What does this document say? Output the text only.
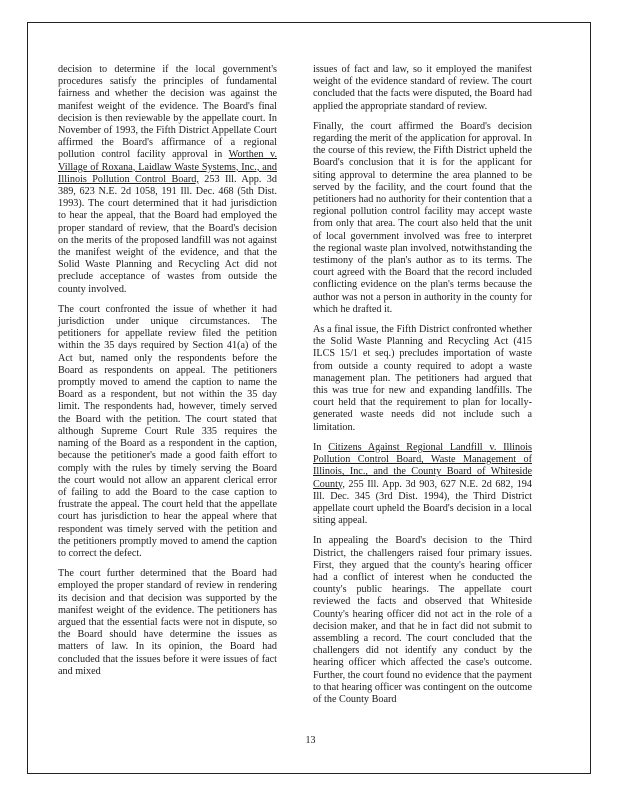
decision to determine if the local government's procedures satisfy the principles of fundamental fairness and whether the decision was against the manifest weight of the evidence. The Board's final decision is then reviewable by the appellate court. In November of 1993, the Fifth District Appellate Court affirmed the Board's affirmance of a regional pollution control facility approval in Worthen v. Village of Roxana, Laidlaw Waste Systems, Inc., and Illinois Pollution Control Board, 253 Ill. App. 3d 389, 623 N.E. 2d 1058, 191 Ill. Dec. 468 (5th Dist. 1993). The court determined that it had jurisdiction to hear the appeal, that the Board had employed the proper standard of review, that the Board's decision on the merits of the proposed landfill was not against the manifest weight of the evidence, and that the Solid Waste Planning and Recycling Act did not preclude acceptance of wastes from outside the county involved.

The court confronted the issue of whether it had jurisdiction under unique circumstances. The petitioners for appellate review filed the petition within the 35 days required by Section 41(a) of the Act but, named only the respondents before the Board as respondents on appeal. The petitioners promptly moved to amend the caption to name the Board as a respondent, but not within the 35 day limit. The respondents had, however, timely served the Board with the petition. The court stated that although Supreme Court Rule 335 requires the naming of the Board as a respondent in the caption, because the petitioner's made a good faith effort to comply with the rules by timely serving the Board the court would not allow an apparent clerical error of failing to add the Board to the case caption to frustrate the appeal. The court held that the appellate court has jurisdiction to hear the appeal where that respondent was timely served with the petition and the petitioners promptly moved to amend the caption to correct the defect.

The court further determined that the Board had employed the proper standard of review in rendering its decision and that decision was supported by the manifest weight of the evidence. The petitioners has argued that the essential facts were not in dispute, so the Board should have determine the issues as matters of law. In its opinion, the Board had concluded that the issues before it were issues of fact and mixed

issues of fact and law, so it employed the manifest weight of the evidence standard of review. The court concluded that the facts were disputed, the Board had applied the appropriate standard of review.

Finally, the court affirmed the Board's decision regarding the merit of the application for approval. In the course of this review, the Fifth District upheld the Board's conclusion that it is for the applicant for siting approval to determine the area planned to be served by the facility, and the court found that the petitioners had no authority for their contention that a regional pollution control facility may accept waste from only that area. The court also held that the unit of local government involved was free to interpret the regional waste plan involved, notwithstanding the testimony of the plan's author as to its terms. The court agreed with the Board that the record included conflicting evidence on the plan's terms because the author was not a person in authority in the county for which he drafted it.

As a final issue, the Fifth District confronted whether the Solid Waste Planning and Recycling Act (415 ILCS 15/1 et seq.) precludes importation of waste from outside a county required to adopt a waste management plan. The petitioners had argued that this was true for new and expanding landfills. The court held that the requirement to plan for locally-generated waste needs did not include such a limitation.

In Citizens Against Regional Landfill v. Illinois Pollution Control Board, Waste Management of Illinois, Inc., and the County Board of Whiteside County, 255 Ill. App. 3d 903, 627 N.E. 2d 682, 194 Ill. Dec. 345 (3rd Dist. 1994), the Third District appellate court upheld the Board's decision in a local siting appeal.

In appealing the Board's decision to the Third District, the challengers raised four primary issues. First, they argued that the county's hearing officer had a conflict of interest when he conducted the county's public hearings. The appellate court reviewed the facts and observed that Whiteside County's hearing officer did not act in the role of a decision maker, and that he in fact did not submit to assembling a record. The court concluded that the challengers did not identify any conduct by the hearing officer which affected the case's outcome. Further, the court found no evidence that the payment to that hearing officer was contingent on the outcome of the County Board

13
